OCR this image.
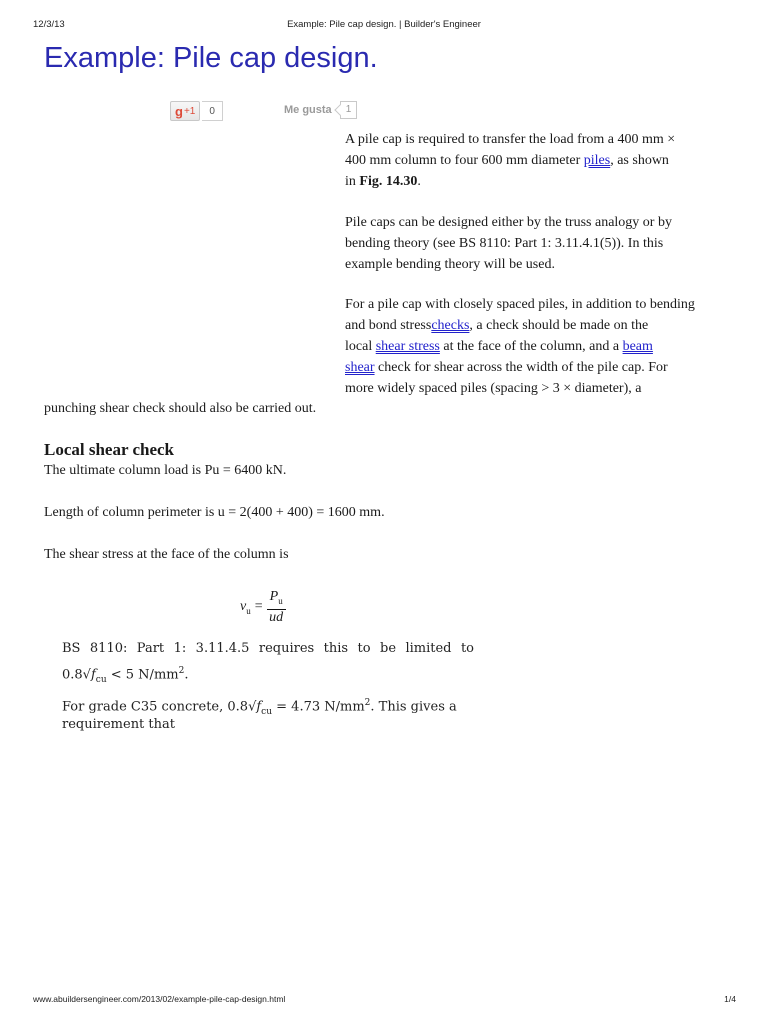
12/3/13	Example: Pile cap design. | Builder's Engineer
Example: Pile cap design.
g +1	0	Me gusta	1
A pile cap is required to transfer the load from a 400 mm ×
400 mm column to four 600 mm diameter piles, as shown
in Fig. 14.30.
Pile caps can be designed either by the truss analogy or by
bending theory (see BS 8110: Part 1: 3.11.4.1(5)). In this
example bending theory will be used.
For a pile cap with closely spaced piles, in addition to bending
and bond stresschecks, a check should be made on the
local shear stress at the face of the column, and a beam
shear check for shear across the width of the pile cap. For
more widely spaced piles (spacing > 3 × diameter), a
punching shear check should also be carried out.
Local shear check
The ultimate column load is Pu = 6400 kN.
Length of column perimeter is u = 2(400 + 400) = 1600 mm.
The shear stress at the face of the column is
$v_u = \frac{P_u}{ud}$
BS 8110: Part 1: 3.11.4.5 requires this to be limited to
$0.8√f_{cu} < 5$ $N/mm^2$.
For grade C35 concrete, $0.8√f_{cu} = 4.73$ $N/mm^2$. This gives a
requirement that
www.abuildersengineer.com/2013/02/example-pile-cap-design.html	1/4
